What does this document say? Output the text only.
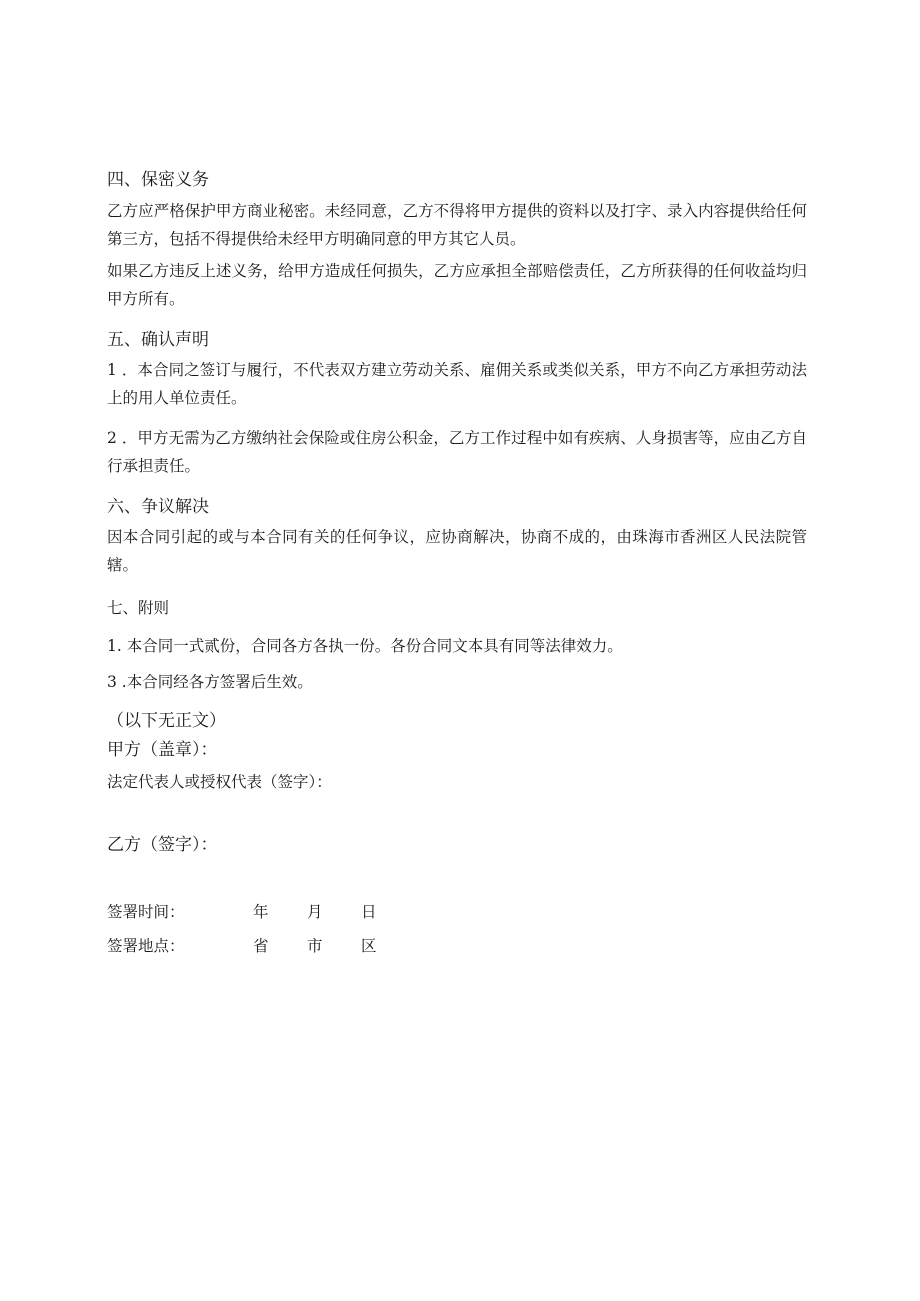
四、保密义务
乙方应严格保护甲方商业秘密。未经同意，乙方不得将甲方提供的资料以及打字、录入内容提供给任何第三方，包括不得提供给未经甲方明确同意的甲方其它人员。
如果乙方违反上述义务，给甲方造成任何损失，乙方应承担全部赔偿责任，乙方所获得的任何收益均归甲方所有。
五、确认声明
1 ．本合同之签订与履行，不代表双方建立劳动关系、雇佣关系或类似关系，甲方不向乙方承担劳动法上的用人单位责任。
2 ．甲方无需为乙方缴纳社会保险或住房公积金，乙方工作过程中如有疾病、人身损害等，应由乙方自行承担责任。
六、争议解决
因本合同引起的或与本合同有关的任何争议，应协商解决，协商不成的，由珠海市香洲区人民法院管辖。
七、附则
1. 本合同一式贰份，合同各方各执一份。各份合同文本具有同等法律效力。
3 .本合同经各方签署后生效。
（以下无正文）
甲方（盖章）：
法定代表人或授权代表（签字）：
乙方（签字）：
签署时间：	年 月 日
签署地点：	省 市 区
